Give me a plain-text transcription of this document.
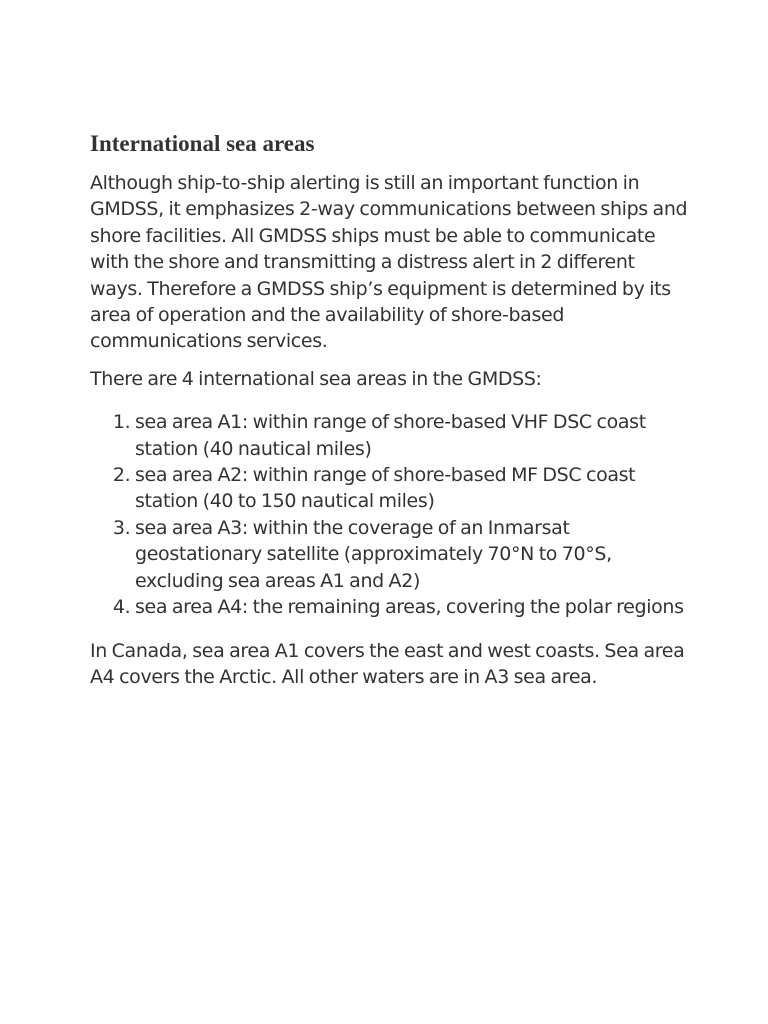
International sea areas

Although ship-to-ship alerting is still an important function in GMDSS, it emphasizes 2-way communications between ships and shore facilities. All GMDSS ships must be able to communicate with the shore and transmitting a distress alert in 2 different ways. Therefore a GMDSS ship’s equipment is determined by its area of operation and the availability of shore-based communications services.

There are 4 international sea areas in the GMDSS:

1. sea area A1: within range of shore-based VHF DSC coast station (40 nautical miles)
2. sea area A2: within range of shore-based MF DSC coast station (40 to 150 nautical miles)
3. sea area A3: within the coverage of an Inmarsat geostationary satellite (approximately 70°N to 70°S, excluding sea areas A1 and A2)
4. sea area A4: the remaining areas, covering the polar regions

In Canada, sea area A1 covers the east and west coasts. Sea area A4 covers the Arctic. All other waters are in A3 sea area.
